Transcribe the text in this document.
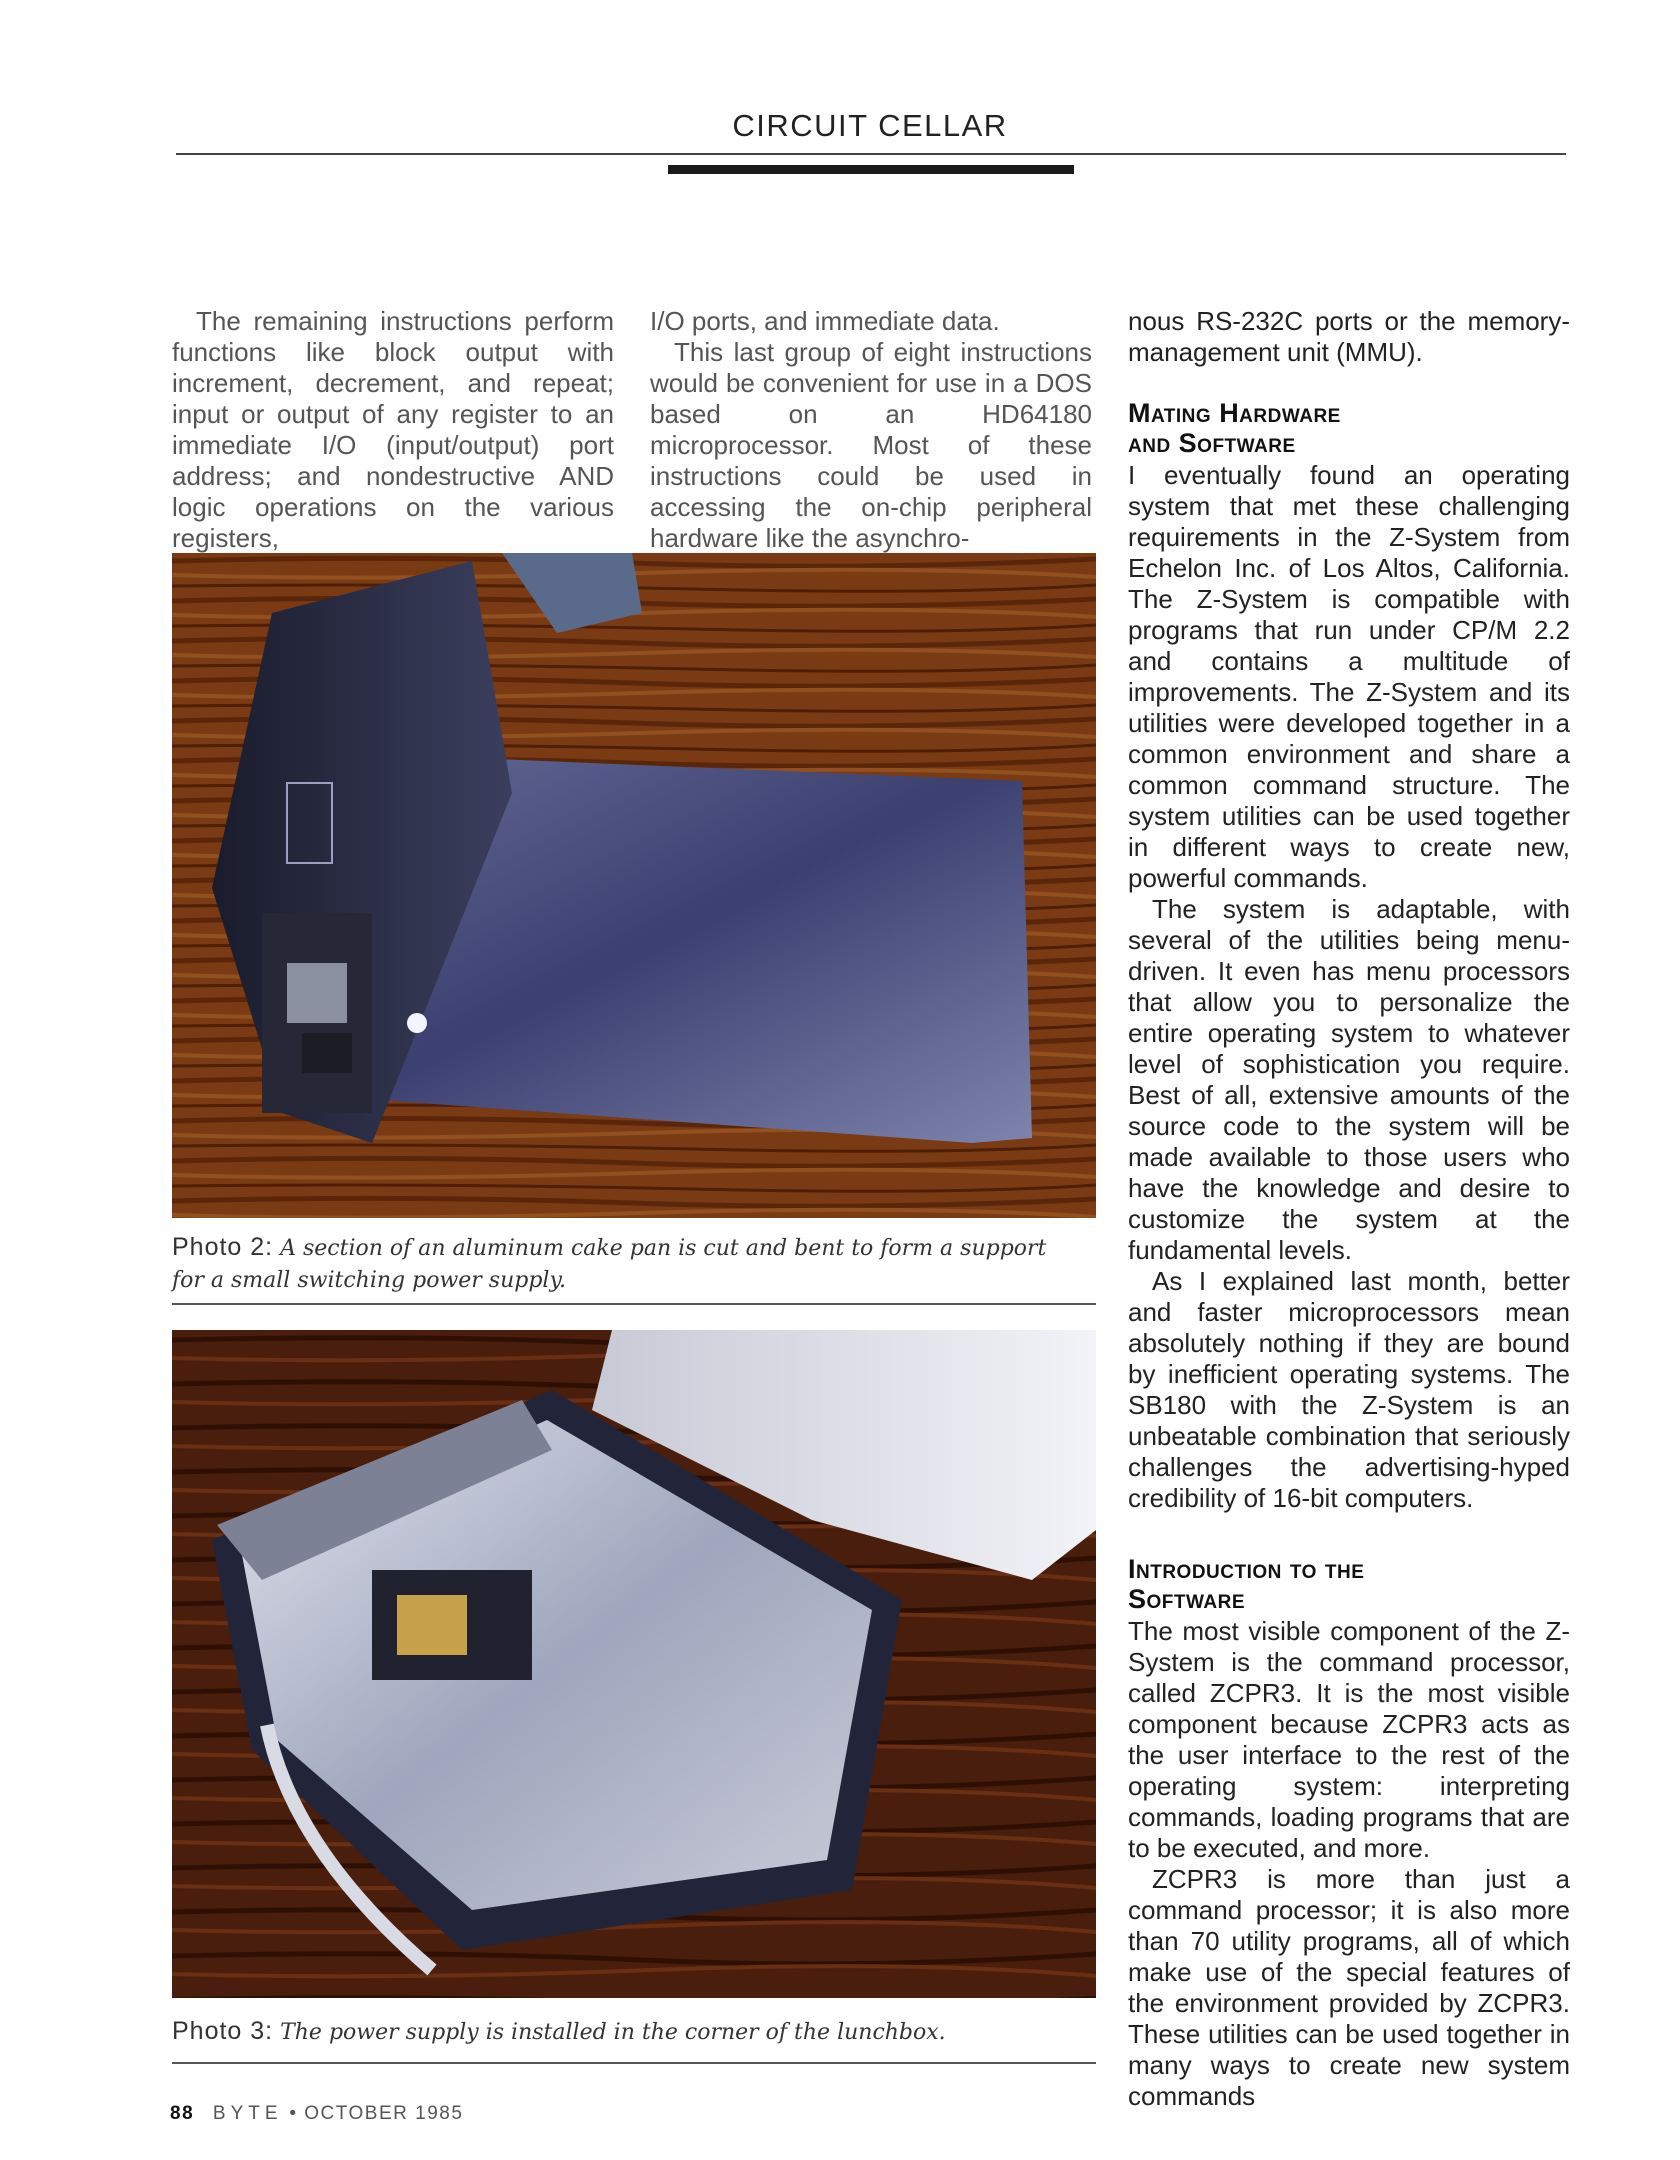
CIRCUIT CELLAR

The remaining instructions perform functions like block output with increment, decrement, and repeat; input or output of any register to an immediate I/O (input/output) port address; and nondestructive AND logic operations on the various registers,

I/O ports, and immediate data.

This last group of eight instructions would be convenient for use in a DOS based on an HD64180 microprocessor. Most of these instructions could be used in accessing the on-chip peripheral hardware like the asynchro-

nous RS-232C ports or the memory-management unit (MMU).

Mating Hardware
and Software

I eventually found an operating system that met these challenging requirements in the Z-System from Echelon Inc. of Los Altos, California. The Z-System is compatible with programs that run under CP/M 2.2 and contains a multitude of improvements. The Z-System and its utilities were developed together in a common environment and share a common command structure. The system utilities can be used together in different ways to create new, powerful commands.

The system is adaptable, with several of the utilities being menu-driven. It even has menu processors that allow you to personalize the entire operating system to whatever level of sophistication you require. Best of all, extensive amounts of the source code to the system will be made available to those users who have the knowledge and desire to customize the system at the fundamental levels.

As I explained last month, better and faster microprocessors mean absolutely nothing if they are bound by inefficient operating systems. The SB180 with the Z-System is an unbeatable combination that seriously challenges the advertising-hyped credibility of 16-bit computers.

Introduction to the
Software

The most visible component of the Z-System is the command processor, called ZCPR3. It is the most visible component because ZCPR3 acts as the user interface to the rest of the operating system: interpreting commands, loading programs that are to be executed, and more.

ZCPR3 is more than just a command processor; it is also more than 70 utility programs, all of which make use of the special features of the environment provided by ZCPR3. These utilities can be used together in many ways to create new system commands

Photo 2: A section of an aluminum cake pan is cut and bent to form a support for a small switching power supply.
Photo 3: The power supply is installed in the corner of the lunchbox.
88 BYTE • OCTOBER 1985
